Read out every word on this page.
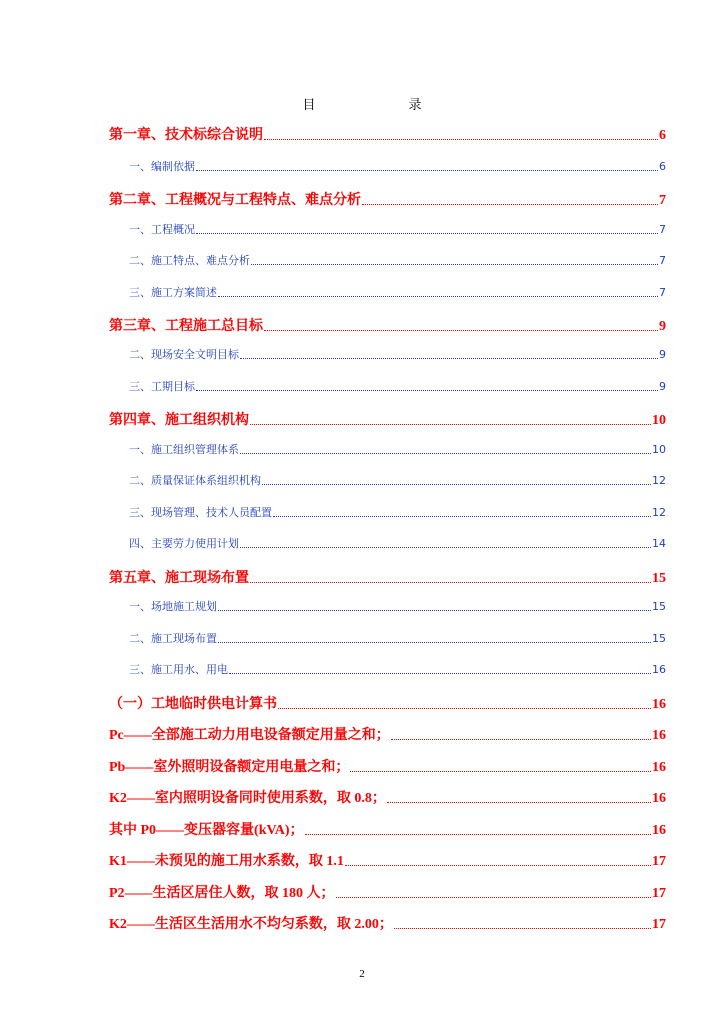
目　录
第一章、技术标综合说明	6
一、编制依据	6
第二章、工程概况与工程特点、难点分析	7
一、工程概况	7
二、施工特点、难点分析	7
三、施工方案简述	7
第三章、工程施工总目标	9
二、现场安全文明目标	9
三、工期目标	9
第四章、施工组织机构	10
一、施工组织管理体系	10
二、质量保证体系组织机构	12
三、现场管理、技术人员配置	12
四、主要劳力使用计划	14
第五章、施工现场布置	15
一、场地施工规划	15
二、施工现场布置	15
三、施工用水、用电	16
（一）工地临时供电计算书	16
Pc——全部施工动力用电设备额定用量之和；	16
Pb——室外照明设备额定用电量之和；	16
K2——室内照明设备同时使用系数，取 0.8；	16
其中 P0——变压器容量(kVA)；	16
K1——未预见的施工用水系数，取 1.1	17
P2——生活区居住人数，取 180 人；	17
K2——生活区生活用水不均匀系数，取 2.00；	17
2
